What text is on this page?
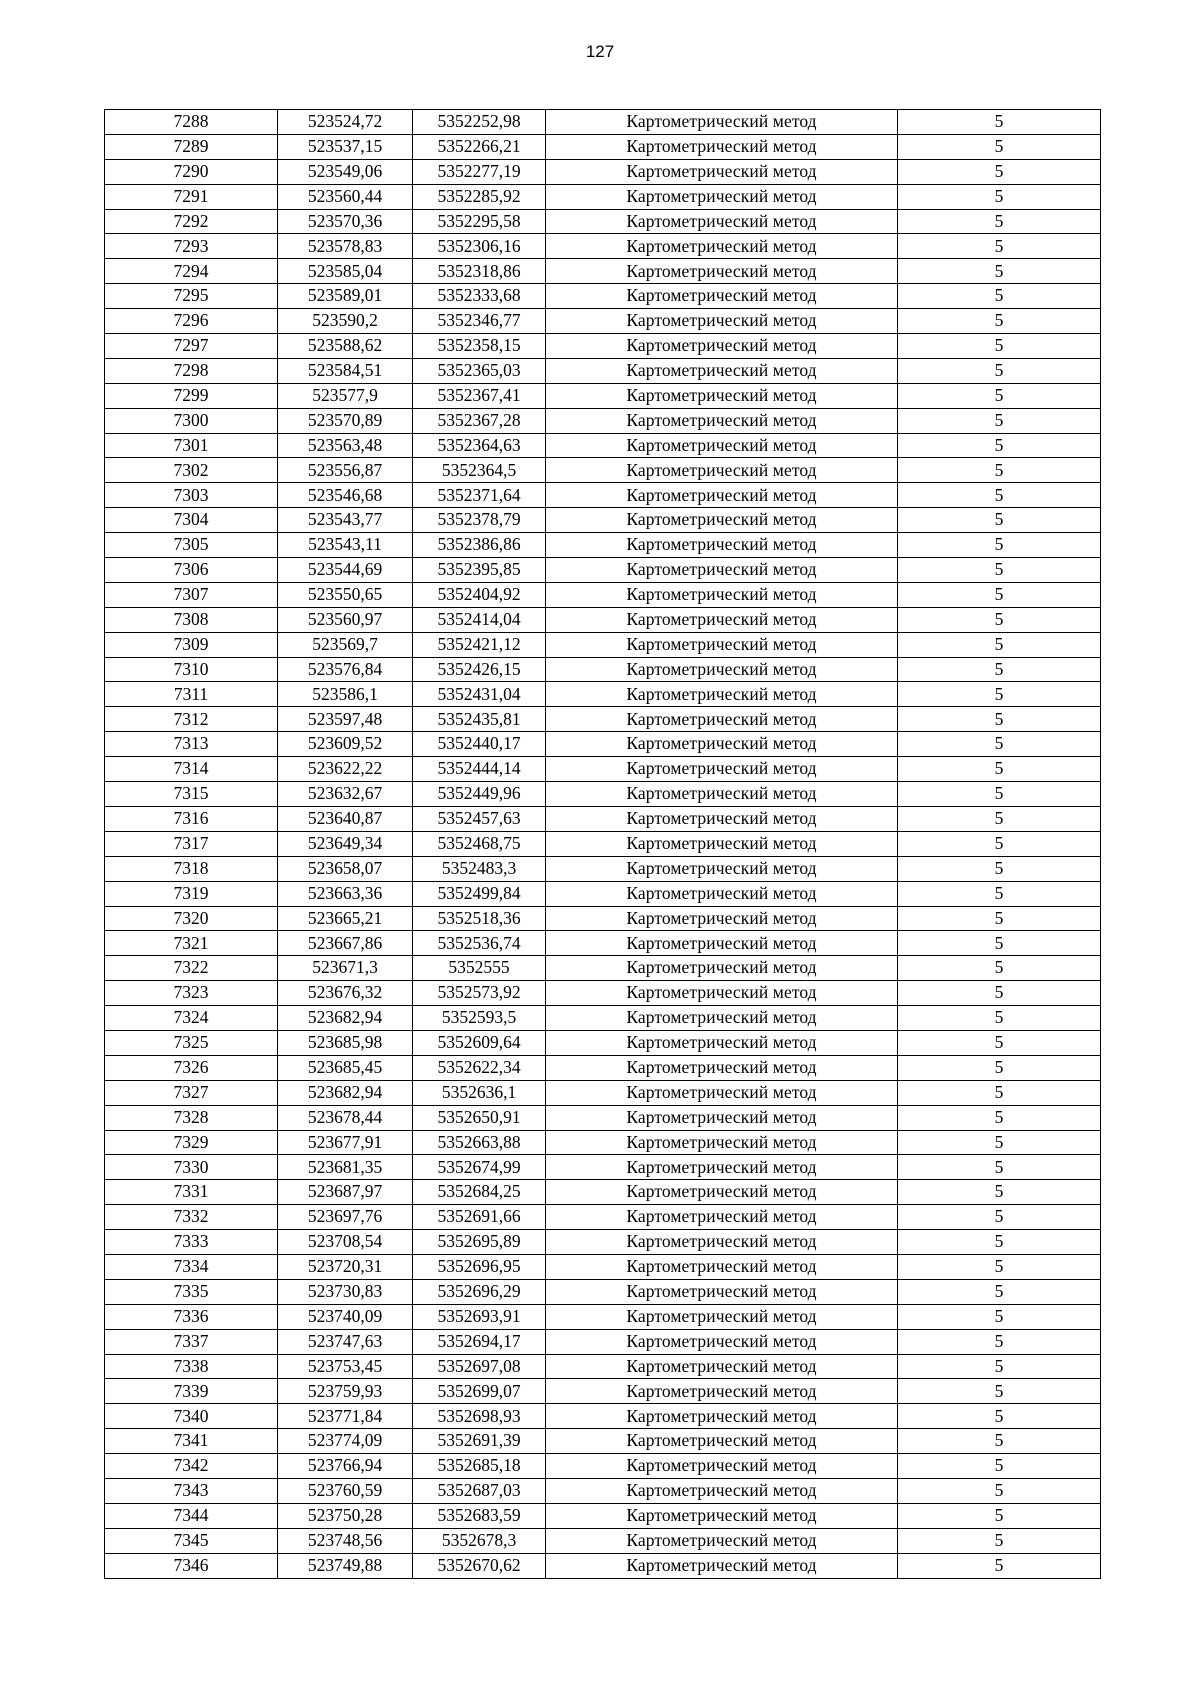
127
7288	523524,72	5352252,98	Картометрический метод	5
7289	523537,15	5352266,21	Картометрический метод	5
7290	523549,06	5352277,19	Картометрический метод	5
7291	523560,44	5352285,92	Картометрический метод	5
7292	523570,36	5352295,58	Картометрический метод	5
7293	523578,83	5352306,16	Картометрический метод	5
7294	523585,04	5352318,86	Картометрический метод	5
7295	523589,01	5352333,68	Картометрический метод	5
7296	523590,2	5352346,77	Картометрический метод	5
7297	523588,62	5352358,15	Картометрический метод	5
7298	523584,51	5352365,03	Картометрический метод	5
7299	523577,9	5352367,41	Картометрический метод	5
7300	523570,89	5352367,28	Картометрический метод	5
7301	523563,48	5352364,63	Картометрический метод	5
7302	523556,87	5352364,5	Картометрический метод	5
7303	523546,68	5352371,64	Картометрический метод	5
7304	523543,77	5352378,79	Картометрический метод	5
7305	523543,11	5352386,86	Картометрический метод	5
7306	523544,69	5352395,85	Картометрический метод	5
7307	523550,65	5352404,92	Картометрический метод	5
7308	523560,97	5352414,04	Картометрический метод	5
7309	523569,7	5352421,12	Картометрический метод	5
7310	523576,84	5352426,15	Картометрический метод	5
7311	523586,1	5352431,04	Картометрический метод	5
7312	523597,48	5352435,81	Картометрический метод	5
7313	523609,52	5352440,17	Картометрический метод	5
7314	523622,22	5352444,14	Картометрический метод	5
7315	523632,67	5352449,96	Картометрический метод	5
7316	523640,87	5352457,63	Картометрический метод	5
7317	523649,34	5352468,75	Картометрический метод	5
7318	523658,07	5352483,3	Картометрический метод	5
7319	523663,36	5352499,84	Картометрический метод	5
7320	523665,21	5352518,36	Картометрический метод	5
7321	523667,86	5352536,74	Картометрический метод	5
7322	523671,3	5352555	Картометрический метод	5
7323	523676,32	5352573,92	Картометрический метод	5
7324	523682,94	5352593,5	Картометрический метод	5
7325	523685,98	5352609,64	Картометрический метод	5
7326	523685,45	5352622,34	Картометрический метод	5
7327	523682,94	5352636,1	Картометрический метод	5
7328	523678,44	5352650,91	Картометрический метод	5
7329	523677,91	5352663,88	Картометрический метод	5
7330	523681,35	5352674,99	Картометрический метод	5
7331	523687,97	5352684,25	Картометрический метод	5
7332	523697,76	5352691,66	Картометрический метод	5
7333	523708,54	5352695,89	Картометрический метод	5
7334	523720,31	5352696,95	Картометрический метод	5
7335	523730,83	5352696,29	Картометрический метод	5
7336	523740,09	5352693,91	Картометрический метод	5
7337	523747,63	5352694,17	Картометрический метод	5
7338	523753,45	5352697,08	Картометрический метод	5
7339	523759,93	5352699,07	Картометрический метод	5
7340	523771,84	5352698,93	Картометрический метод	5
7341	523774,09	5352691,39	Картометрический метод	5
7342	523766,94	5352685,18	Картометрический метод	5
7343	523760,59	5352687,03	Картометрический метод	5
7344	523750,28	5352683,59	Картометрический метод	5
7345	523748,56	5352678,3	Картометрический метод	5
7346	523749,88	5352670,62	Картометрический метод	5
